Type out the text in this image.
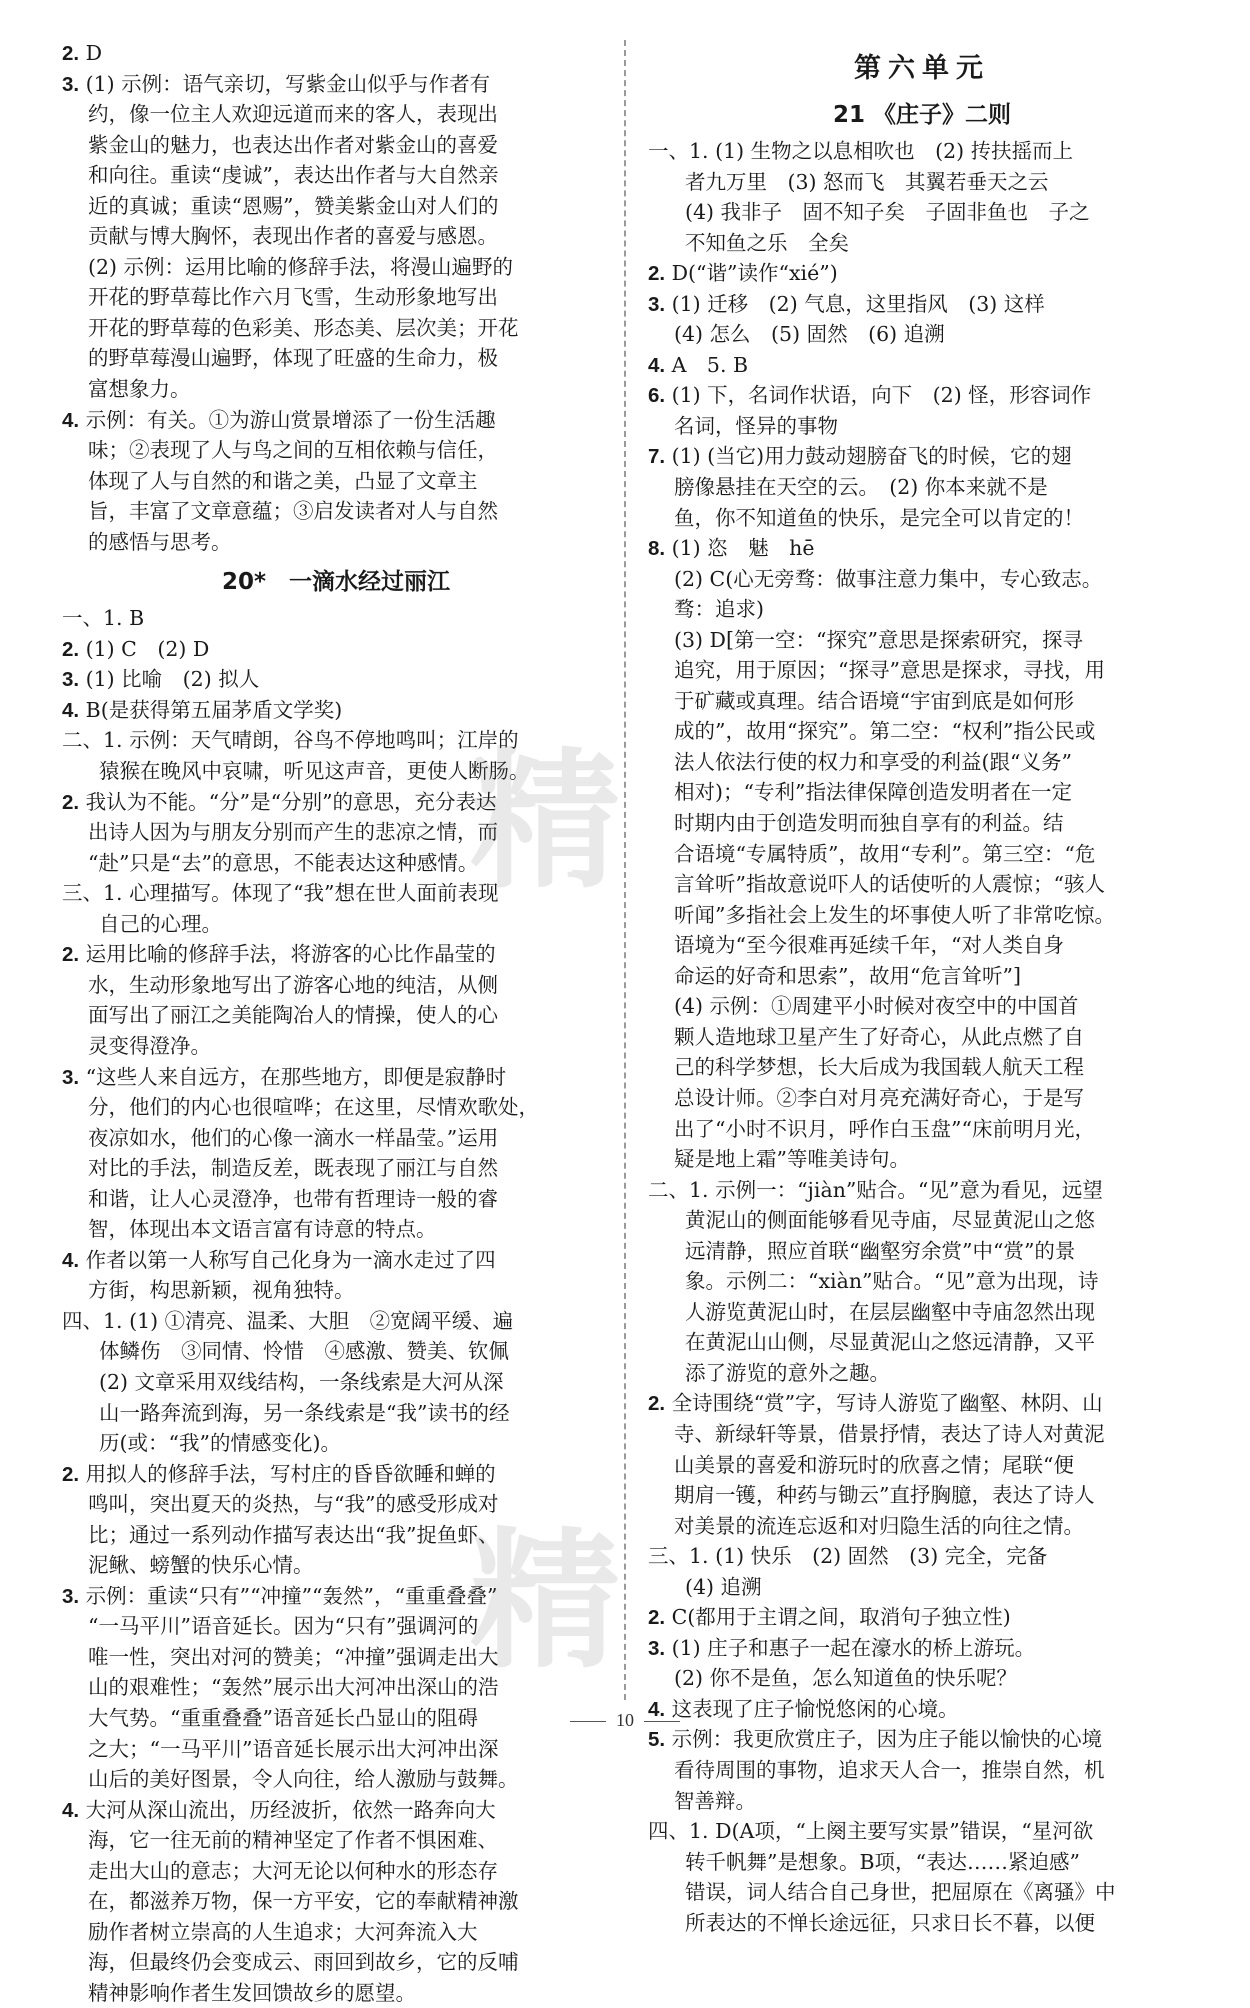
2. D
3. (1) 示例：语气亲切，写紫金山似乎与作者有
约，像一位主人欢迎远道而来的客人，表现出
紫金山的魅力，也表达出作者对紫金山的喜爱
和向往。重读“虔诚”，表达出作者与大自然亲
近的真诚；重读“恩赐”，赞美紫金山对人们的
贡献与博大胸怀，表现出作者的喜爱与感恩。
(2) 示例：运用比喻的修辞手法，将漫山遍野的
开花的野草莓比作六月飞雪，生动形象地写出
开花的野草莓的色彩美、形态美、层次美；开花
的野草莓漫山遍野，体现了旺盛的生命力，极
富想象力。
4. 示例：有关。①为游山赏景增添了一份生活趣
味；②表现了人与鸟之间的互相依赖与信任，
体现了人与自然的和谐之美，凸显了文章主
旨，丰富了文章意蕴；③启发读者对人与自然
的感悟与思考。
20*　一滴水经过丽江
一、1. B
2. (1) C　(2) D
3. (1) 比喻　(2) 拟人
4. B(是获得第五届茅盾文学奖)
二、1. 示例：天气晴朗，谷鸟不停地鸣叫；江岸的
猿猴在晚风中哀啸，听见这声音，更使人断肠。
2. 我认为不能。“分”是“分别”的意思，充分表达
出诗人因为与朋友分别而产生的悲凉之情，而
“赴”只是“去”的意思，不能表达这种感情。
三、1. 心理描写。体现了“我”想在世人面前表现
自己的心理。
2. 运用比喻的修辞手法，将游客的心比作晶莹的
水，生动形象地写出了游客心地的纯洁，从侧
面写出了丽江之美能陶冶人的情操，使人的心
灵变得澄净。
3. “这些人来自远方，在那些地方，即便是寂静时
分，他们的内心也很喧哗；在这里，尽情欢歌处，
夜凉如水，他们的心像一滴水一样晶莹。”运用
对比的手法，制造反差，既表现了丽江与自然
和谐，让人心灵澄净，也带有哲理诗一般的睿
智，体现出本文语言富有诗意的特点。
4. 作者以第一人称写自己化身为一滴水走过了四
方街，构思新颖，视角独特。
四、1. (1) ①清亮、温柔、大胆　②宽阔平缓、遍
体鳞伤　③同情、怜惜　④感激、赞美、钦佩
(2) 文章采用双线结构，一条线索是大河从深
山一路奔流到海，另一条线索是“我”读书的经
历(或：“我”的情感变化)。
2. 用拟人的修辞手法，写村庄的昏昏欲睡和蝉的
鸣叫，突出夏天的炎热，与“我”的感受形成对
比；通过一系列动作描写表达出“我”捉鱼虾、
泥鳅、螃蟹的快乐心情。
3. 示例：重读“只有”“冲撞”“轰然”，“重重叠叠”
“一马平川”语音延长。因为“只有”强调河的
唯一性，突出对河的赞美；“冲撞”强调走出大
山的艰难性；“轰然”展示出大河冲出深山的浩
大气势。“重重叠叠”语音延长凸显山的阻碍
之大；“一马平川”语音延长展示出大河冲出深
山后的美好图景，令人向往，给人激励与鼓舞。
4. 大河从深山流出，历经波折，依然一路奔向大
海，它一往无前的精神坚定了作者不惧困难、
走出大山的意志；大河无论以何种水的形态存
在，都滋养万物，保一方平安，它的奉献精神激
励作者树立崇高的人生追求；大河奔流入大
海，但最终仍会变成云、雨回到故乡，它的反哺
精神影响作者生发回馈故乡的愿望。
第六单元
21 《庄子》二则
一、1. (1) 生物之以息相吹也　(2) 抟扶摇而上
者九万里　(3) 怒而飞　其翼若垂天之云
(4) 我非子　固不知子矣　子固非鱼也　子之
不知鱼之乐　全矣
2. D(“谐”读作“xié”)
3. (1) 迁移　(2) 气息，这里指风　(3) 这样
(4) 怎么　(5) 固然　(6) 追溯
4. A　5. B
6. (1) 下，名词作状语，向下　(2) 怪，形容词作
名词，怪异的事物
7. (1) (当它)用力鼓动翅膀奋飞的时候，它的翅
膀像悬挂在天空的云。　(2) 你本来就不是
鱼，你不知道鱼的快乐，是完全可以肯定的！
8. (1) 恣　魅　hē
(2) C(心无旁骛：做事注意力集中，专心致志。
骛：追求)
(3) D[第一空：“探究”意思是探索研究，探寻
追究，用于原因；“探寻”意思是探求，寻找，用
于矿藏或真理。结合语境“宇宙到底是如何形
成的”，故用“探究”。第二空：“权利”指公民或
法人依法行使的权力和享受的利益(跟“义务”
相对)；“专利”指法律保障创造发明者在一定
时期内由于创造发明而独自享有的利益。结
合语境“专属特质”，故用“专利”。第三空：“危
言耸听”指故意说吓人的话使听的人震惊；“骇人
听闻”多指社会上发生的坏事使人听了非常吃惊。
语境为“至今很难再延续千年，“对人类自身
命运的好奇和思索”，故用“危言耸听”]
(4) 示例：①周建平小时候对夜空中的中国首
颗人造地球卫星产生了好奇心，从此点燃了自
己的科学梦想，长大后成为我国载人航天工程
总设计师。②李白对月亮充满好奇心，于是写
出了“小时不识月，呼作白玉盘”“床前明月光，
疑是地上霜”等唯美诗句。
二、1. 示例一：“jiàn”贴合。“见”意为看见，远望
黄泥山的侧面能够看见寺庙，尽显黄泥山之悠
远清静，照应首联“幽壑穷余赏”中“赏”的景
象。示例二：“xiàn”贴合。“见”意为出现，诗
人游览黄泥山时，在层层幽壑中寺庙忽然出现
在黄泥山山侧，尽显黄泥山之悠远清静，又平
添了游览的意外之趣。
2. 全诗围绕“赏”字，写诗人游览了幽壑、林阴、山
寺、新绿轩等景，借景抒情，表达了诗人对黄泥
山美景的喜爱和游玩时的欣喜之情；尾联“便
期肩一镬，种药与锄云”直抒胸臆，表达了诗人
对美景的流连忘返和对归隐生活的向往之情。
三、1. (1) 快乐　(2) 固然　(3) 完全，完备
(4) 追溯
2. C(都用于主谓之间，取消句子独立性)
3. (1) 庄子和惠子一起在濠水的桥上游玩。
(2) 你不是鱼，怎么知道鱼的快乐呢？
4. 这表现了庄子愉悦悠闲的心境。
5. 示例：我更欣赏庄子，因为庄子能以愉快的心境
看待周围的事物，追求天人合一，推崇自然，机
智善辩。
四、1. D(A项，“上阕主要写实景”错误，“星河欲
转千帆舞”是想象。B项，“表达……紧迫感”
错误，词人结合自己身世，把屈原在《离骚》中
所表达的不惮长途远征，只求日长不暮，以便
精
精
10
